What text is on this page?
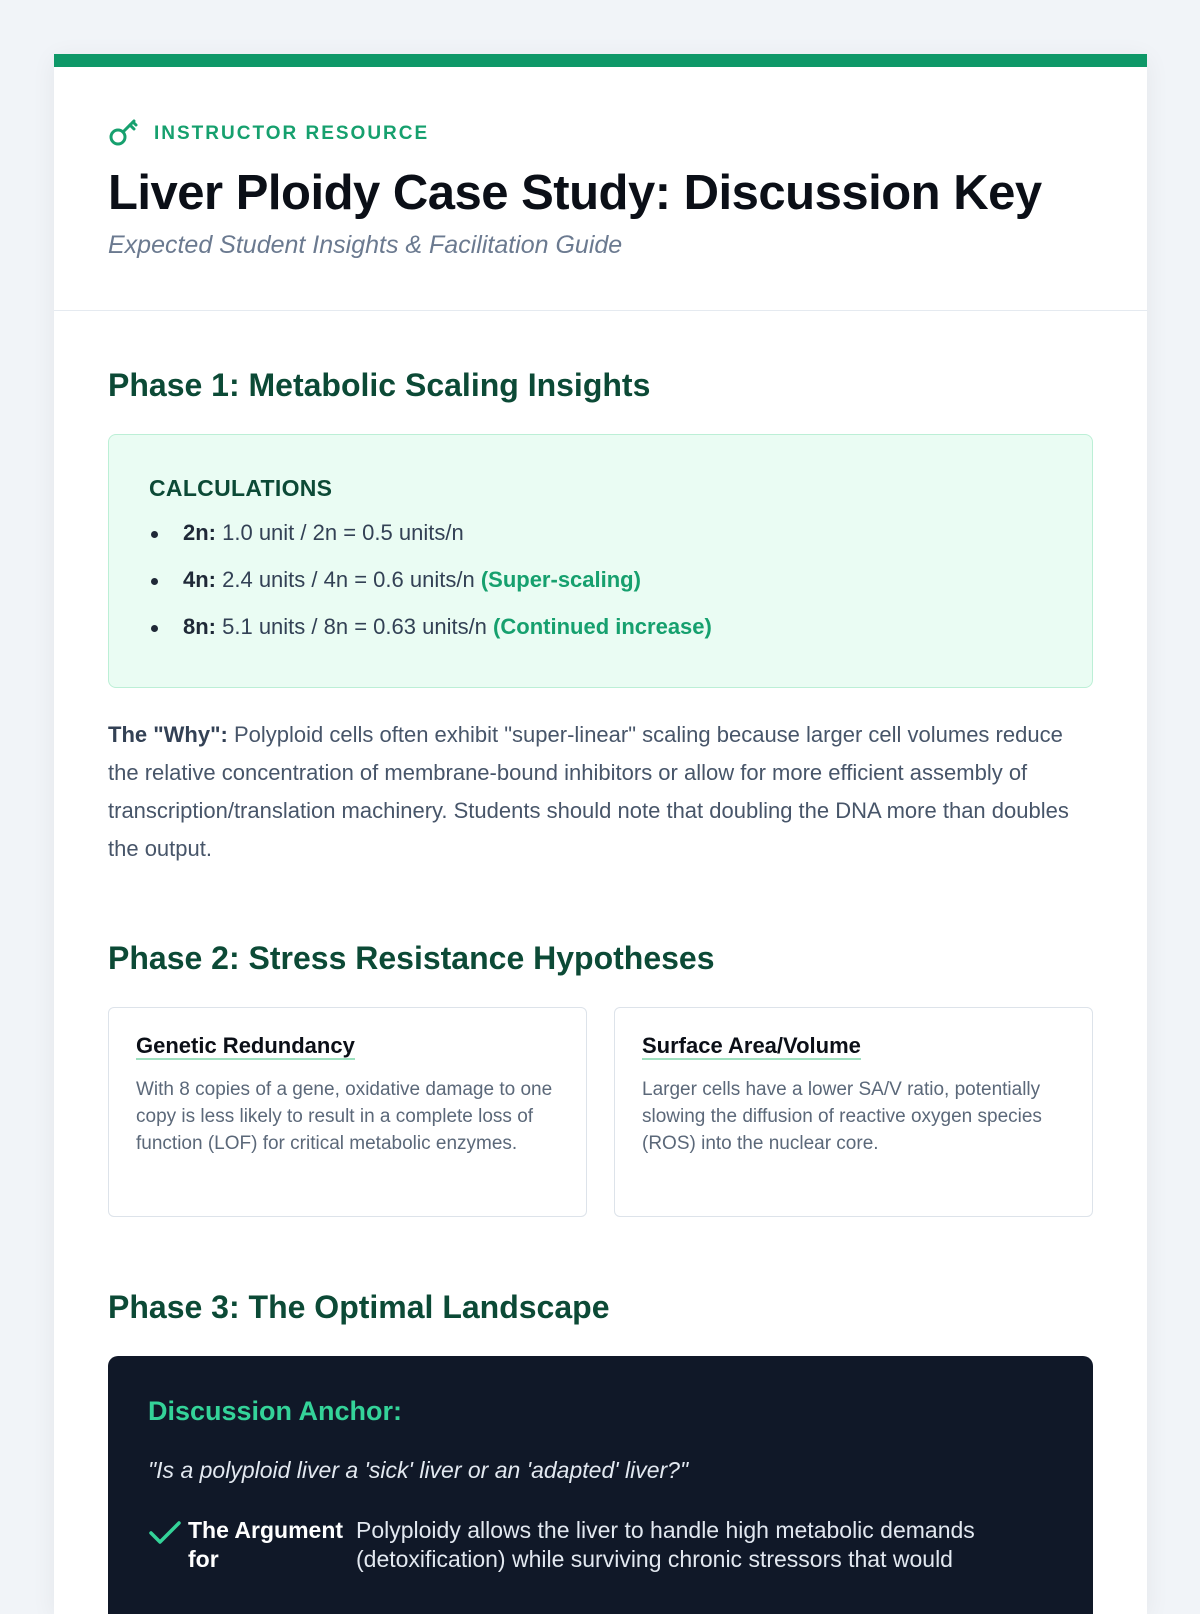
INSTRUCTOR RESOURCE
Liver Ploidy Case Study: Discussion Key
Expected Student Insights & Facilitation Guide
Phase 1: Metabolic Scaling Insights
CALCULATIONS
2n: 1.0 unit / 2n = 0.5 units/n
4n: 2.4 units / 4n = 0.6 units/n (Super-scaling)
8n: 5.1 units / 8n = 0.63 units/n (Continued increase)

The "Why": Polyploid cells often exhibit "super-linear" scaling because larger cell volumes reduce the relative concentration of membrane-bound inhibitors or allow for more efficient assembly of transcription/translation machinery. Students should note that doubling the DNA more than doubles the output.

Phase 2: Stress Resistance Hypotheses
Genetic Redundancy

With 8 copies of a gene, oxidative damage to one copy is less likely to result in a complete loss of function (LOF) for critical metabolic enzymes.

Surface Area/Volume

Larger cells have a lower SA/V ratio, potentially slowing the diffusion of reactive oxygen species (ROS) into the nuclear core.

Phase 3: The Optimal Landscape
Discussion Anchor:
"Is a polyploid liver a 'sick' liver or an 'adapted' liver?"
The Argument for
Polyploidy allows the liver to handle high metabolic demands (detoxification) while surviving chronic stressors that would
